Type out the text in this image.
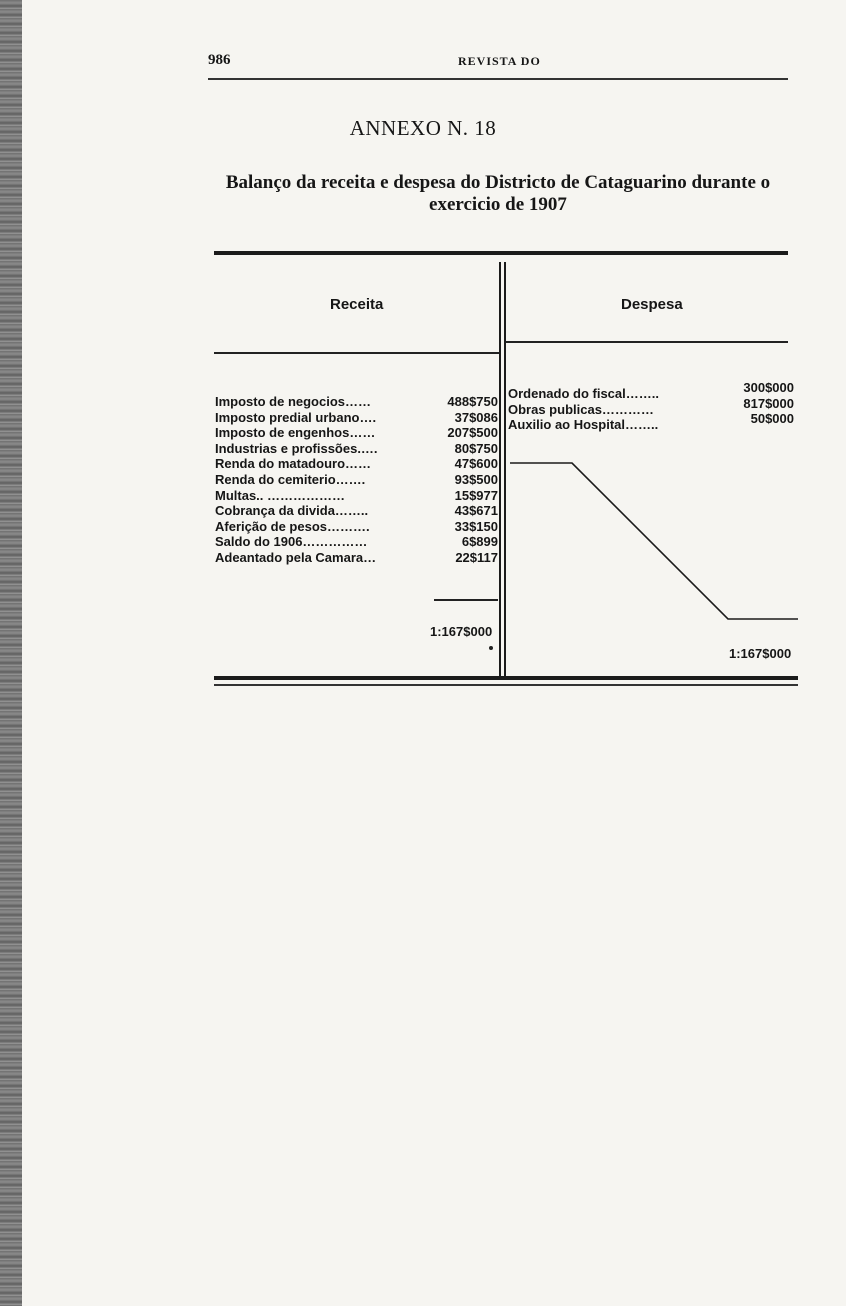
986	REVISTA DO
ANNEXO N. 18
Balanço da receita e despesa do Districto de Cataguarino durante o exercicio de 1907
Receita	Despesa
Imposto de negocios……
Imposto predial urbano….
Imposto de engenhos……
Industrias e profissões.….
Renda do matadouro……
Renda do cemiterio…….
Multas.. ………………
Cobrança da divida……..
Aferição de pesos……….
Saldo do 1906……………
Adeantado pela Camara…
488$750
37$086
207$500
80$750
47$600
93$500
15$977
43$671
33$150
6$899
22$117
1:167$000
Ordenado do fiscal……..
Obras publicas…………
Auxilio ao Hospital……..
300$000
817$000
50$000
1:167$000
